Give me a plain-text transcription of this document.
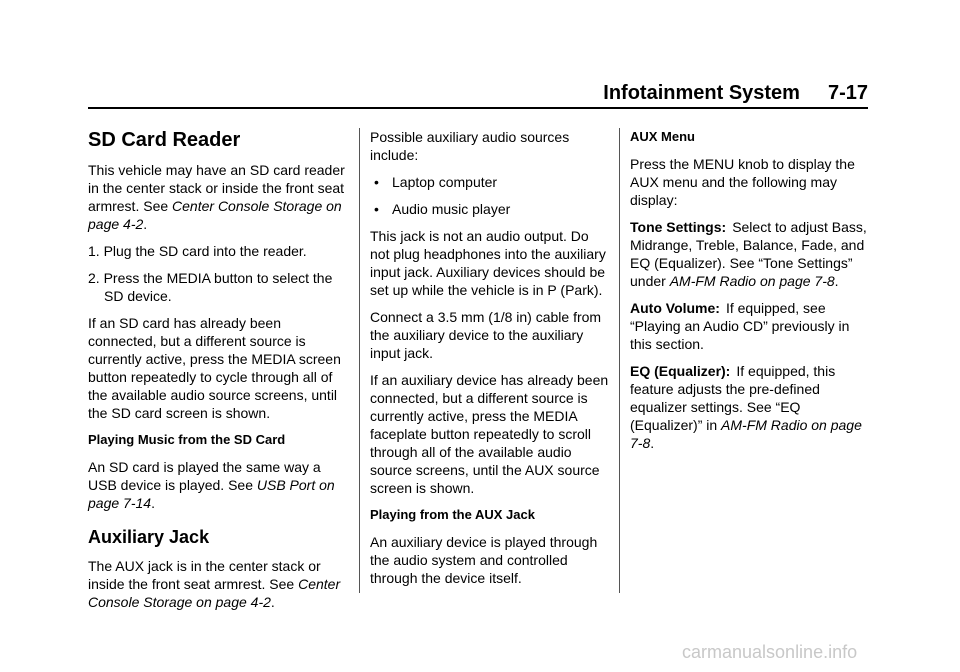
Infotainment System 7-17
SD Card Reader

This vehicle may have an SD card reader in the center stack or inside the front seat armrest. See Center Console Storage on page 4-2.

1. Plug the SD card into the reader.
2. Press the MEDIA button to select the SD device.

If an SD card has already been connected, but a different source is currently active, press the MEDIA screen button repeatedly to cycle through all of the available audio source screens, until the SD card screen is shown.

Playing Music from the SD Card

An SD card is played the same way a USB device is played. See USB Port on page 7-14.

Auxiliary Jack

The AUX jack is in the center stack or inside the front seat armrest. See Center Console Storage on page 4-2.

Possible auxiliary audio sources include:

• Laptop computer
• Audio music player

This jack is not an audio output. Do not plug headphones into the auxiliary input jack. Auxiliary devices should be set up while the vehicle is in P (Park).

Connect a 3.5 mm (1/8 in) cable from the auxiliary device to the auxiliary input jack.

If an auxiliary device has already been connected, but a different source is currently active, press the MEDIA faceplate button repeatedly to scroll through all of the available audio source screens, until the AUX source screen is shown.

Playing from the AUX Jack

An auxiliary device is played through the audio system and controlled through the device itself.

AUX Menu

Press the MENU knob to display the AUX menu and the following may display:

Tone Settings: Select to adjust Bass, Midrange, Treble, Balance, Fade, and EQ (Equalizer). See “Tone Settings” under AM-FM Radio on page 7-8.

Auto Volume: If equipped, see “Playing an Audio CD” previously in this section.

EQ (Equalizer): If equipped, this feature adjusts the pre-defined equalizer settings. See “EQ (Equalizer)” in AM-FM Radio on page 7-8.

carmanualsonline.info
